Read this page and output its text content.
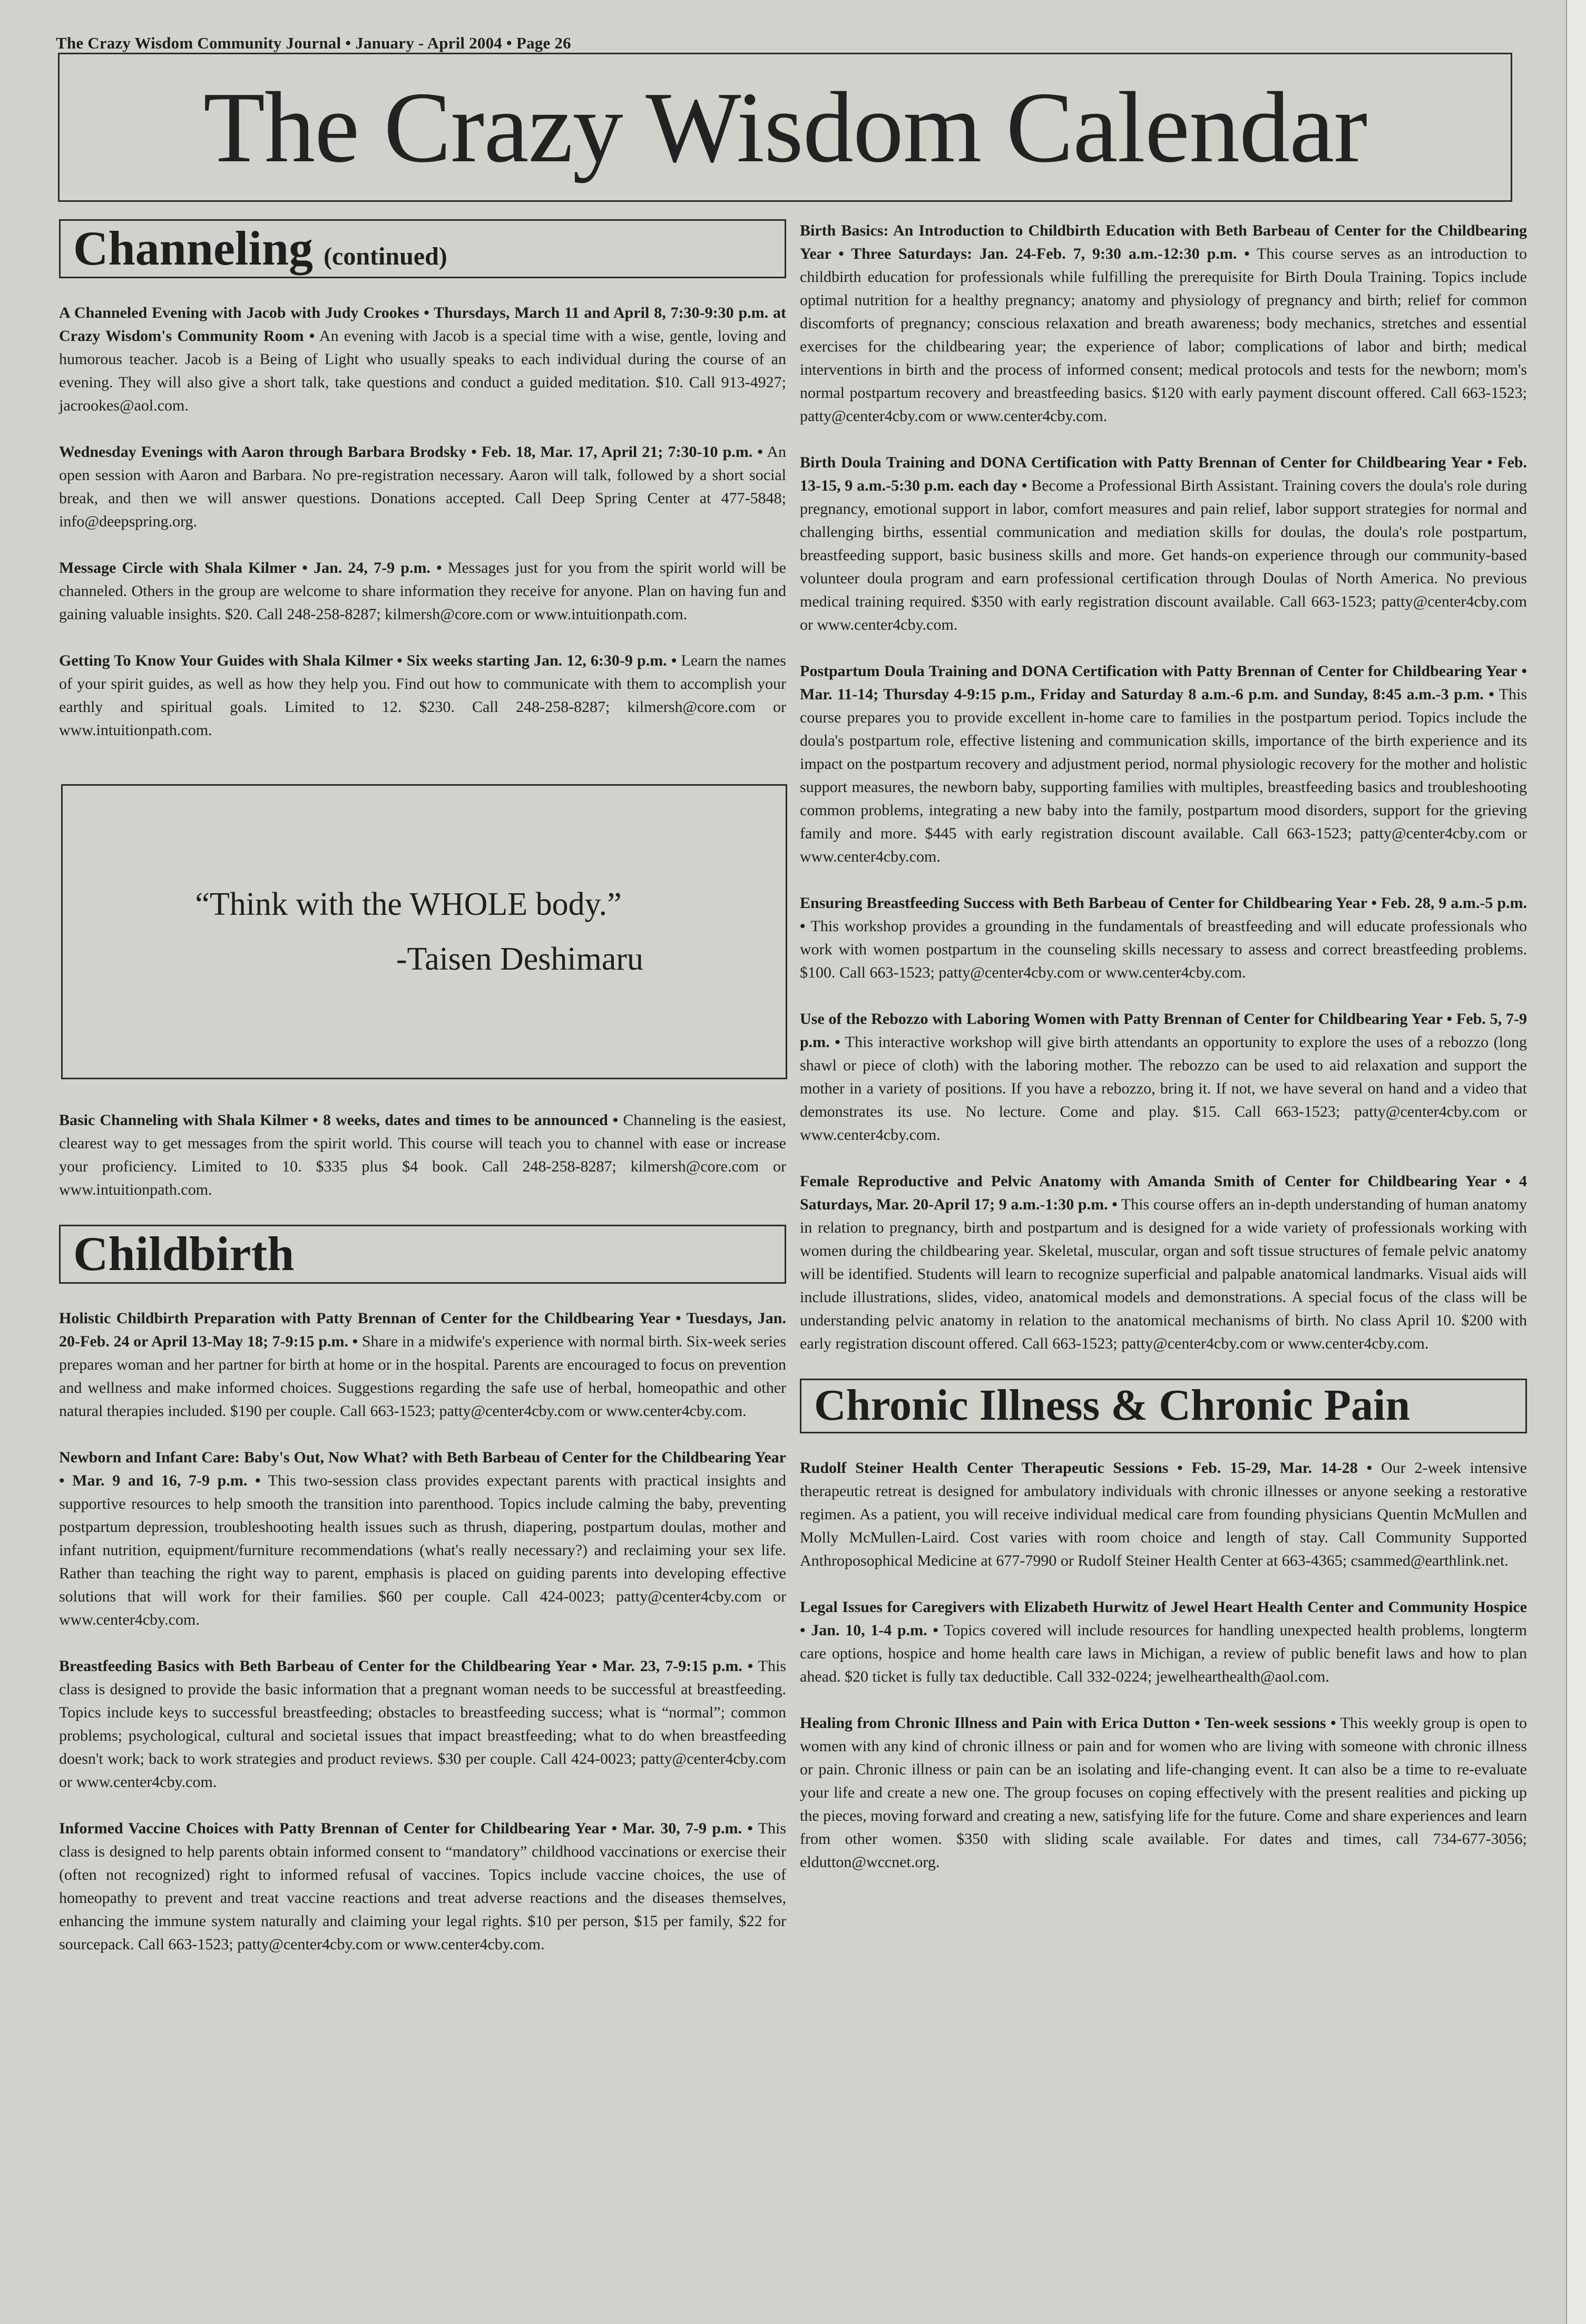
The Crazy Wisdom Community Journal • January - April 2004 • Page 26
The Crazy Wisdom Calendar
Channeling (continued)
A Channeled Evening with Jacob with Judy Crookes • Thursdays, March 11 and April 8, 7:30-9:30 p.m. at Crazy Wisdom's Community Room • An evening with Jacob is a special time with a wise, gentle, loving and humorous teacher. Jacob is a Being of Light who usually speaks to each individual during the course of an evening. They will also give a short talk, take questions and conduct a guided meditation. $10. Call 913-4927; jacrookes@aol.com.
Wednesday Evenings with Aaron through Barbara Brodsky • Feb. 18, Mar. 17, April 21; 7:30-10 p.m. • An open session with Aaron and Barbara. No pre-registration necessary. Aaron will talk, followed by a short social break, and then we will answer questions. Donations accepted. Call Deep Spring Center at 477-5848; info@deepspring.org.
Message Circle with Shala Kilmer • Jan. 24, 7-9 p.m. • Messages just for you from the spirit world will be channeled. Others in the group are welcome to share information they receive for anyone. Plan on having fun and gaining valuable insights. $20. Call 248-258-8287; kilmersh@core.com or www.intuitionpath.com.
Getting To Know Your Guides with Shala Kilmer • Six weeks starting Jan. 12, 6:30-9 p.m. • Learn the names of your spirit guides, as well as how they help you. Find out how to communicate with them to accomplish your earthly and spiritual goals. Limited to 12. $230. Call 248-258-8287; kilmersh@core.com or www.intuitionpath.com.
“Think with the WHOLE body.”
-Taisen Deshimaru
Basic Channeling with Shala Kilmer • 8 weeks, dates and times to be announced • Channeling is the easiest, clearest way to get messages from the spirit world. This course will teach you to channel with ease or increase your proficiency. Limited to 10. $335 plus $4 book. Call 248-258-8287; kilmersh@core.com or www.intuitionpath.com.
Childbirth
Holistic Childbirth Preparation with Patty Brennan of Center for the Childbearing Year • Tuesdays, Jan. 20-Feb. 24 or April 13-May 18; 7-9:15 p.m. • Share in a midwife's experience with normal birth. Six-week series prepares woman and her partner for birth at home or in the hospital. Parents are encouraged to focus on prevention and wellness and make informed choices. Suggestions regarding the safe use of herbal, homeopathic and other natural therapies included. $190 per couple. Call 663-1523; patty@center4cby.com or www.center4cby.com.
Newborn and Infant Care: Baby's Out, Now What? with Beth Barbeau of Center for the Childbearing Year • Mar. 9 and 16, 7-9 p.m. • This two-session class provides expectant parents with practical insights and supportive resources to help smooth the transition into parenthood. Topics include calming the baby, preventing postpartum depression, troubleshooting health issues such as thrush, diapering, postpartum doulas, mother and infant nutrition, equipment/furniture recommendations (what's really necessary?) and reclaiming your sex life. Rather than teaching the right way to parent, emphasis is placed on guiding parents into developing effective solutions that will work for their families. $60 per couple. Call 424-0023; patty@center4cby.com or www.center4cby.com.
Breastfeeding Basics with Beth Barbeau of Center for the Childbearing Year • Mar. 23, 7-9:15 p.m. • This class is designed to provide the basic information that a pregnant woman needs to be successful at breastfeeding. Topics include keys to successful breastfeeding; obstacles to breastfeeding success; what is “normal”; common problems; psychological, cultural and societal issues that impact breastfeeding; what to do when breastfeeding doesn't work; back to work strategies and product reviews. $30 per couple. Call 424-0023; patty@center4cby.com or www.center4cby.com.
Informed Vaccine Choices with Patty Brennan of Center for Childbearing Year • Mar. 30, 7-9 p.m. • This class is designed to help parents obtain informed consent to “mandatory” childhood vaccinations or exercise their (often not recognized) right to informed refusal of vaccines. Topics include vaccine choices, the use of homeopathy to prevent and treat vaccine reactions and treat adverse reactions and the diseases themselves, enhancing the immune system naturally and claiming your legal rights. $10 per person, $15 per family, $22 for sourcepack. Call 663-1523; patty@center4cby.com or www.center4cby.com.
Birth Basics: An Introduction to Childbirth Education with Beth Barbeau of Center for the Childbearing Year • Three Saturdays: Jan. 24-Feb. 7, 9:30 a.m.-12:30 p.m. • This course serves as an introduction to childbirth education for professionals while fulfilling the prerequisite for Birth Doula Training. Topics include optimal nutrition for a healthy pregnancy; anatomy and physiology of pregnancy and birth; relief for common discomforts of pregnancy; conscious relaxation and breath awareness; body mechanics, stretches and essential exercises for the childbearing year; the experience of labor; complications of labor and birth; medical interventions in birth and the process of informed consent; medical protocols and tests for the newborn; mom's normal postpartum recovery and breastfeeding basics. $120 with early payment discount offered. Call 663-1523; patty@center4cby.com or www.center4cby.com.
Birth Doula Training and DONA Certification with Patty Brennan of Center for Childbearing Year • Feb. 13-15, 9 a.m.-5:30 p.m. each day • Become a Professional Birth Assistant. Training covers the doula's role during pregnancy, emotional support in labor, comfort measures and pain relief, labor support strategies for normal and challenging births, essential communication and mediation skills for doulas, the doula's role postpartum, breastfeeding support, basic business skills and more. Get hands-on experience through our community-based volunteer doula program and earn professional certification through Doulas of North America. No previous medical training required. $350 with early registration discount available. Call 663-1523; patty@center4cby.com or www.center4cby.com.
Postpartum Doula Training and DONA Certification with Patty Brennan of Center for Childbearing Year • Mar. 11-14; Thursday 4-9:15 p.m., Friday and Saturday 8 a.m.-6 p.m. and Sunday, 8:45 a.m.-3 p.m. • This course prepares you to provide excellent in-home care to families in the postpartum period. Topics include the doula's postpartum role, effective listening and communication skills, importance of the birth experience and its impact on the postpartum recovery and adjustment period, normal physiologic recovery for the mother and holistic support measures, the newborn baby, supporting families with multiples, breastfeeding basics and troubleshooting common problems, integrating a new baby into the family, postpartum mood disorders, support for the grieving family and more. $445 with early registration discount available. Call 663-1523; patty@center4cby.com or www.center4cby.com.
Ensuring Breastfeeding Success with Beth Barbeau of Center for Childbearing Year • Feb. 28, 9 a.m.-5 p.m. • This workshop provides a grounding in the fundamentals of breastfeeding and will educate professionals who work with women postpartum in the counseling skills necessary to assess and correct breastfeeding problems. $100. Call 663-1523; patty@center4cby.com or www.center4cby.com.
Use of the Rebozzo with Laboring Women with Patty Brennan of Center for Childbearing Year • Feb. 5, 7-9 p.m. • This interactive workshop will give birth attendants an opportunity to explore the uses of a rebozzo (long shawl or piece of cloth) with the laboring mother. The rebozzo can be used to aid relaxation and support the mother in a variety of positions. If you have a rebozzo, bring it. If not, we have several on hand and a video that demonstrates its use. No lecture. Come and play. $15. Call 663-1523; patty@center4cby.com or www.center4cby.com.
Female Reproductive and Pelvic Anatomy with Amanda Smith of Center for Childbearing Year • 4 Saturdays, Mar. 20-April 17; 9 a.m.-1:30 p.m. • This course offers an in-depth understanding of human anatomy in relation to pregnancy, birth and postpartum and is designed for a wide variety of professionals working with women during the childbearing year. Skeletal, muscular, organ and soft tissue structures of female pelvic anatomy will be identified. Students will learn to recognize superficial and palpable anatomical landmarks. Visual aids will include illustrations, slides, video, anatomical models and demonstrations. A special focus of the class will be understanding pelvic anatomy in relation to the anatomical mechanisms of birth. No class April 10. $200 with early registration discount offered. Call 663-1523; patty@center4cby.com or www.center4cby.com.
Chronic Illness & Chronic Pain
Rudolf Steiner Health Center Therapeutic Sessions • Feb. 15-29, Mar. 14-28 • Our 2-week intensive therapeutic retreat is designed for ambulatory individuals with chronic illnesses or anyone seeking a restorative regimen. As a patient, you will receive individual medical care from founding physicians Quentin McMullen and Molly McMullen-Laird. Cost varies with room choice and length of stay. Call Community Supported Anthroposophical Medicine at 677-7990 or Rudolf Steiner Health Center at 663-4365; csammed@earthlink.net.
Legal Issues for Caregivers with Elizabeth Hurwitz of Jewel Heart Health Center and Community Hospice • Jan. 10, 1-4 p.m. • Topics covered will include resources for handling unexpected health problems, longterm care options, hospice and home health care laws in Michigan, a review of public benefit laws and how to plan ahead. $20 ticket is fully tax deductible. Call 332-0224; jewelhearthealth@aol.com.
Healing from Chronic Illness and Pain with Erica Dutton • Ten-week sessions • This weekly group is open to women with any kind of chronic illness or pain and for women who are living with someone with chronic illness or pain. Chronic illness or pain can be an isolating and life-changing event. It can also be a time to re-evaluate your life and create a new one. The group focuses on coping effectively with the present realities and picking up the pieces, moving forward and creating a new, satisfying life for the future. Come and share experiences and learn from other women. $350 with sliding scale available. For dates and times, call 734-677-3056; eldutton@wccnet.org.
